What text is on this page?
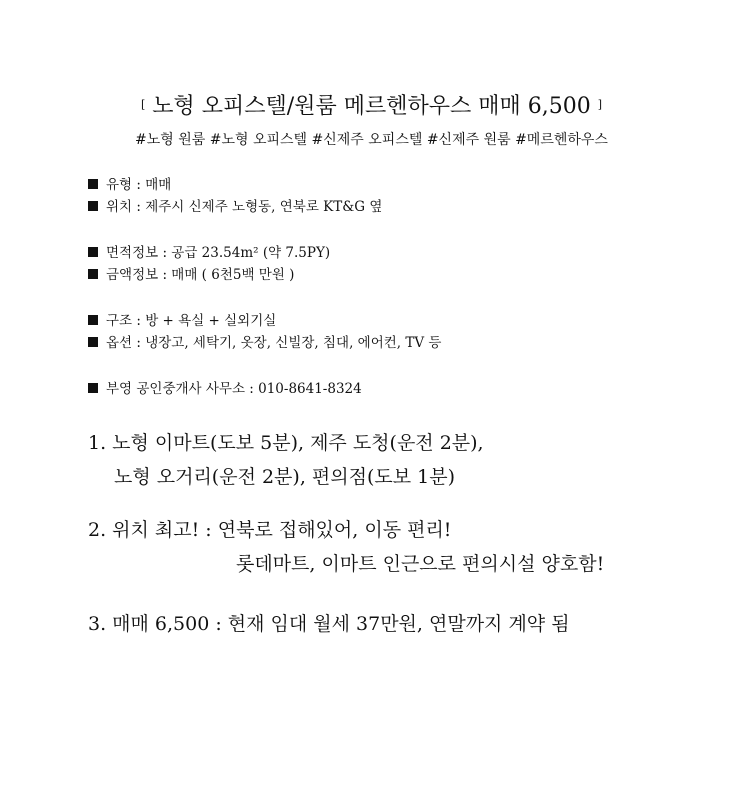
[ 노형 오피스텔/원룸 메르헨하우스 매매 6,500 ]
#노형 원룸 #노형 오피스텔 #신제주 오피스텔 #신제주 원룸 #메르헨하우스
유형 : 매매
위치 : 제주시 신제주 노형동, 연북로 KT&G 옆
면적정보 : 공급 23.54m² (약 7.5PY)
금액정보 : 매매 ( 6천5백 만원 )
구조 : 방 + 욕실 + 실외기실
옵션 : 냉장고, 세탁기, 옷장, 신빌장, 침대, 에어컨, TV 등
부영 공인중개사 사무소 : 010-8641-8324
1. 노형 이마트(도보 5분), 제주 도청(운전 2분),
노형 오거리(운전 2분), 편의점(도보 1분)
2. 위치 최고! : 연북로 접해있어, 이동 편리!
롯데마트, 이마트 인근으로 편의시설 양호함!
3. 매매 6,500 : 현재 임대 월세 37만원, 연말까지 계약 됨
